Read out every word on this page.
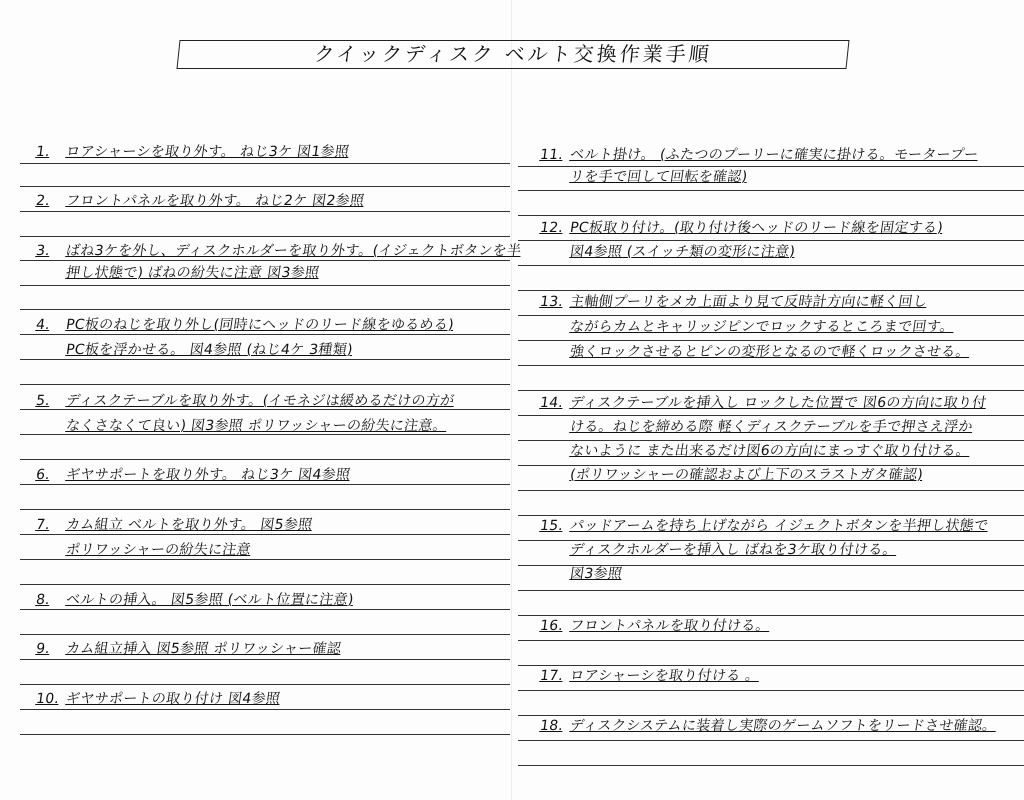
クイックディスク ベルト交換作業手順
1. ロアシャーシを取り外す。 ねじ3ケ 図1参照
2. フロントパネルを取り外す。 ねじ2ケ 図2参照
3. ばね3ケを外し、ディスクホルダーを取り外す。(イジェクトボタンを半
押し状態で) ばねの紛失に注意 図3参照
4. PC板のねじを取り外し(同時にヘッドのリード線をゆるめる)
PC板を浮かせる。 図4参照 (ねじ4ケ 3種類)
5. ディスクテーブルを取り外す。(イモネジは緩めるだけの方が
なくさなくて良い) 図3参照 ポリワッシャーの紛失に注意。
6. ギヤサポートを取り外す。 ねじ3ケ 図4参照
7. カム組立 ベルトを取り外す。 図5参照
ポリワッシャーの紛失に注意
8. ベルトの挿入。 図5参照 (ベルト位置に注意)
9. カム組立挿入 図5参照 ポリワッシャー確認
10. ギヤサポートの取り付け 図4参照
11. ベルト掛け。 (ふたつのプーリーに確実に掛ける。モータープー
リを手で回して回転を確認)
12. PC板取り付け。(取り付け後ヘッドのリード線を固定する)
図4参照 (スイッチ類の変形に注意)
13. 主軸側プーリをメカ上面より見て反時計方向に軽く回し
ながらカムとキャリッジピンでロックするところまで回す。
強くロックさせるとピンの変形となるので軽くロックさせる。
14. ディスクテーブルを挿入し ロックした位置で 図6の方向に取り付
ける。ねじを締める際 軽くディスクテーブルを手で押さえ浮か
ないように また出来るだけ図6の方向にまっすぐ取り付ける。
(ポリワッシャーの確認および上下のスラストガタ確認)
15. パッドアームを持ち上げながら イジェクトボタンを半押し状態で
ディスクホルダーを挿入し ばねを3ケ取り付ける。
図3参照
16. フロントパネルを取り付ける。
17. ロアシャーシを取り付ける 。
18. ディスクシステムに装着し実際のゲームソフトをリードさせ確認。
